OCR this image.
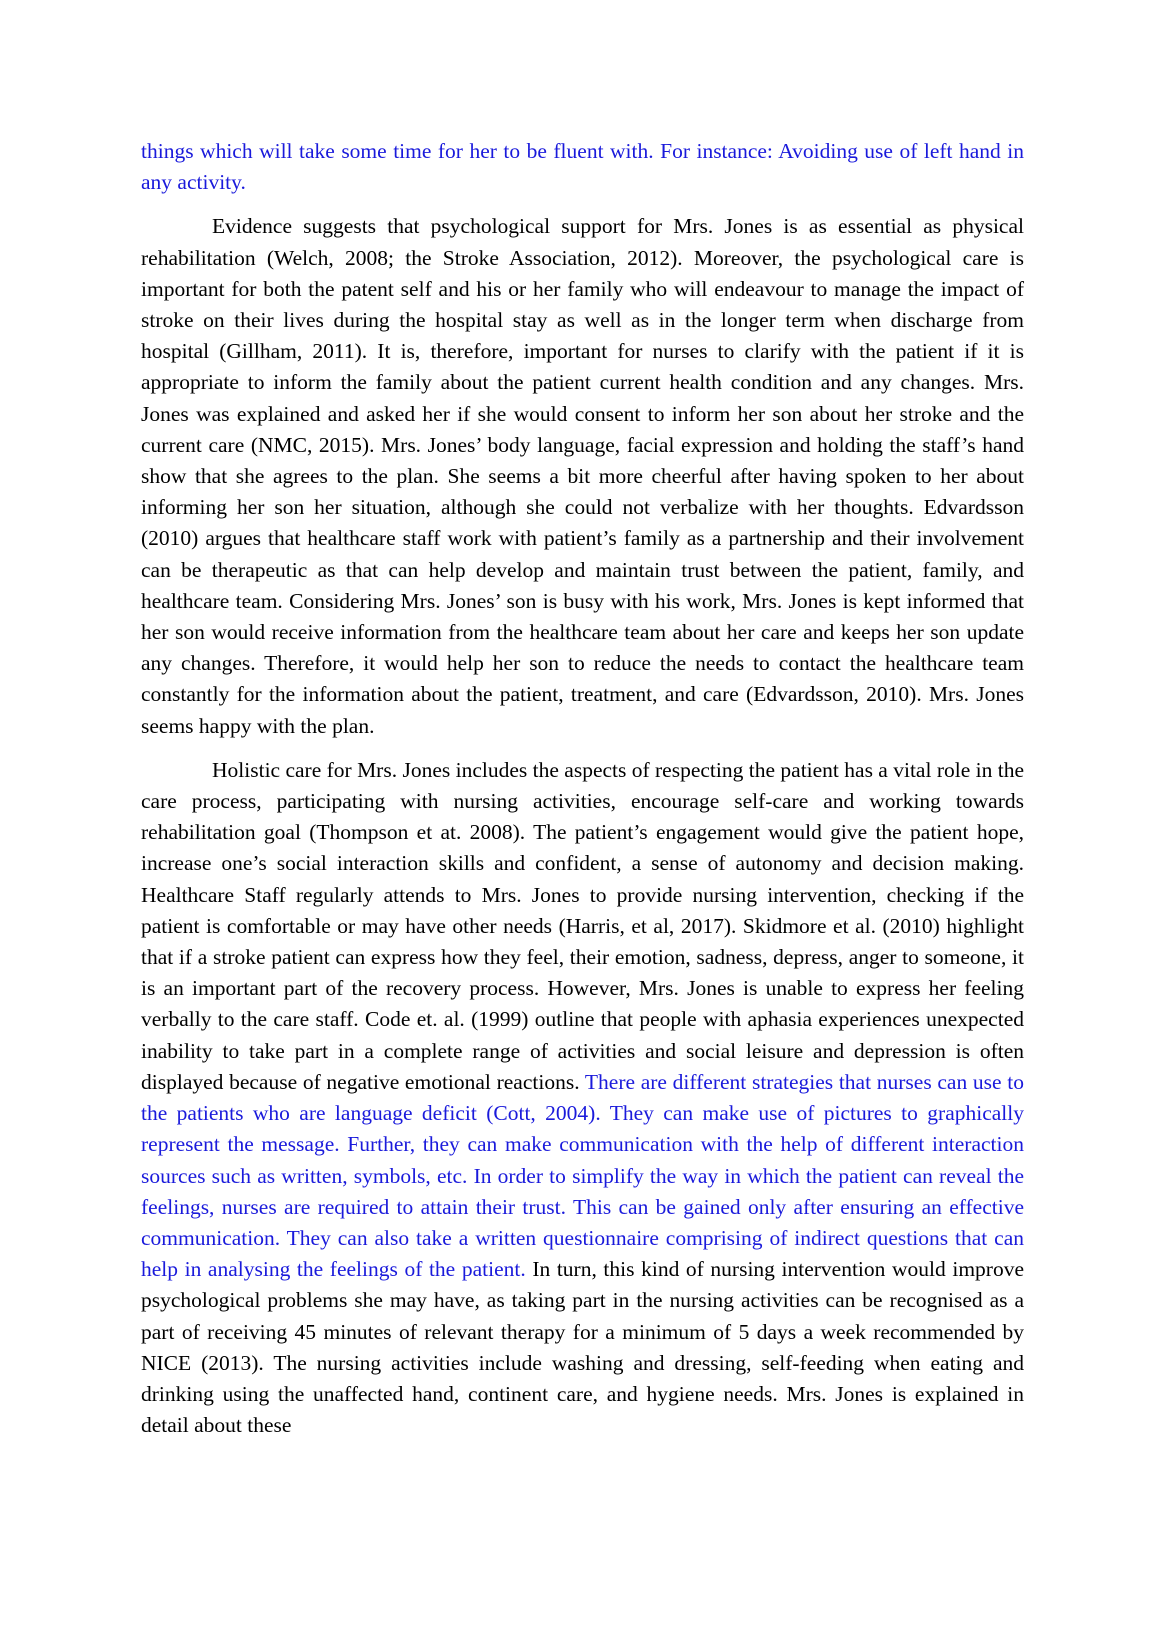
things which will take some time for her to be fluent with. For instance: Avoiding use of left hand in any activity.

Evidence suggests that psychological support for Mrs. Jones is as essential as physical rehabilitation (Welch, 2008; the Stroke Association, 2012). Moreover, the psychological care is important for both the patent self and his or her family who will endeavour to manage the impact of stroke on their lives during the hospital stay as well as in the longer term when discharge from hospital (Gillham, 2011). It is, therefore, important for nurses to clarify with the patient if it is appropriate to inform the family about the patient current health condition and any changes. Mrs. Jones was explained and asked her if she would consent to inform her son about her stroke and the current care (NMC, 2015). Mrs. Jones’ body language, facial expression and holding the staff’s hand show that she agrees to the plan. She seems a bit more cheerful after having spoken to her about informing her son her situation, although she could not verbalize with her thoughts. Edvardsson (2010) argues that healthcare staff work with patient’s family as a partnership and their involvement can be therapeutic as that can help develop and maintain trust between the patient, family, and healthcare team. Considering Mrs. Jones’ son is busy with his work, Mrs. Jones is kept informed that her son would receive information from the healthcare team about her care and keeps her son update any changes. Therefore, it would help her son to reduce the needs to contact the healthcare team constantly for the information about the patient, treatment, and care (Edvardsson, 2010). Mrs. Jones seems happy with the plan.

Holistic care for Mrs. Jones includes the aspects of respecting the patient has a vital role in the care process, participating with nursing activities, encourage self-care and working towards rehabilitation goal (Thompson et at. 2008). The patient’s engagement would give the patient hope, increase one’s social interaction skills and confident, a sense of autonomy and decision making. Healthcare Staff regularly attends to Mrs. Jones to provide nursing intervention, checking if the patient is comfortable or may have other needs (Harris, et al, 2017). Skidmore et al. (2010) highlight that if a stroke patient can express how they feel, their emotion, sadness, depress, anger to someone, it is an important part of the recovery process. However, Mrs. Jones is unable to express her feeling verbally to the care staff. Code et. al. (1999) outline that people with aphasia experiences unexpected inability to take part in a complete range of activities and social leisure and depression is often displayed because of negative emotional reactions. There are different strategies that nurses can use to the patients who are language deficit (Cott, 2004). They can make use of pictures to graphically represent the message. Further, they can make communication with the help of different interaction sources such as written, symbols, etc. In order to simplify the way in which the patient can reveal the feelings, nurses are required to attain their trust. This can be gained only after ensuring an effective communication. They can also take a written questionnaire comprising of indirect questions that can help in analysing the feelings of the patient. In turn, this kind of nursing intervention would improve psychological problems she may have, as taking part in the nursing activities can be recognised as a part of receiving 45 minutes of relevant therapy for a minimum of 5 days a week recommended by NICE (2013). The nursing activities include washing and dressing, self-feeding when eating and drinking using the unaffected hand, continent care, and hygiene needs. Mrs. Jones is explained in detail about these
